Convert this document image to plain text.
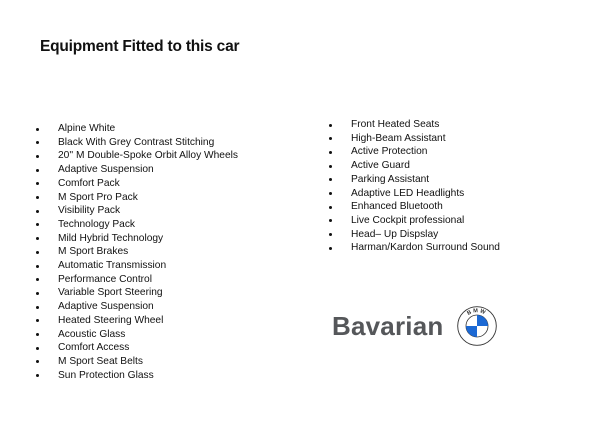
Equipment Fitted to this car
Alpine White
Black With Grey Contrast Stitching
20'' M Double-Spoke Orbit Alloy Wheels
Adaptive Suspension
Comfort Pack
M Sport Pro Pack
Visibility Pack
Technology Pack
Mild Hybrid Technology
M Sport Brakes
Automatic Transmission
Performance Control
Variable Sport Steering
Adaptive Suspension
Heated Steering Wheel
Acoustic Glass
Comfort Access
M Sport Seat Belts
Sun Protection Glass
Front Heated Seats
High-Beam Assistant
Active Protection
Active Guard
Parking Assistant
Adaptive LED Headlights
Enhanced Bluetooth
Live Cockpit professional
Head– Up Dispslay
Harman/Kardon Surround Sound
Bavarian	BMW
